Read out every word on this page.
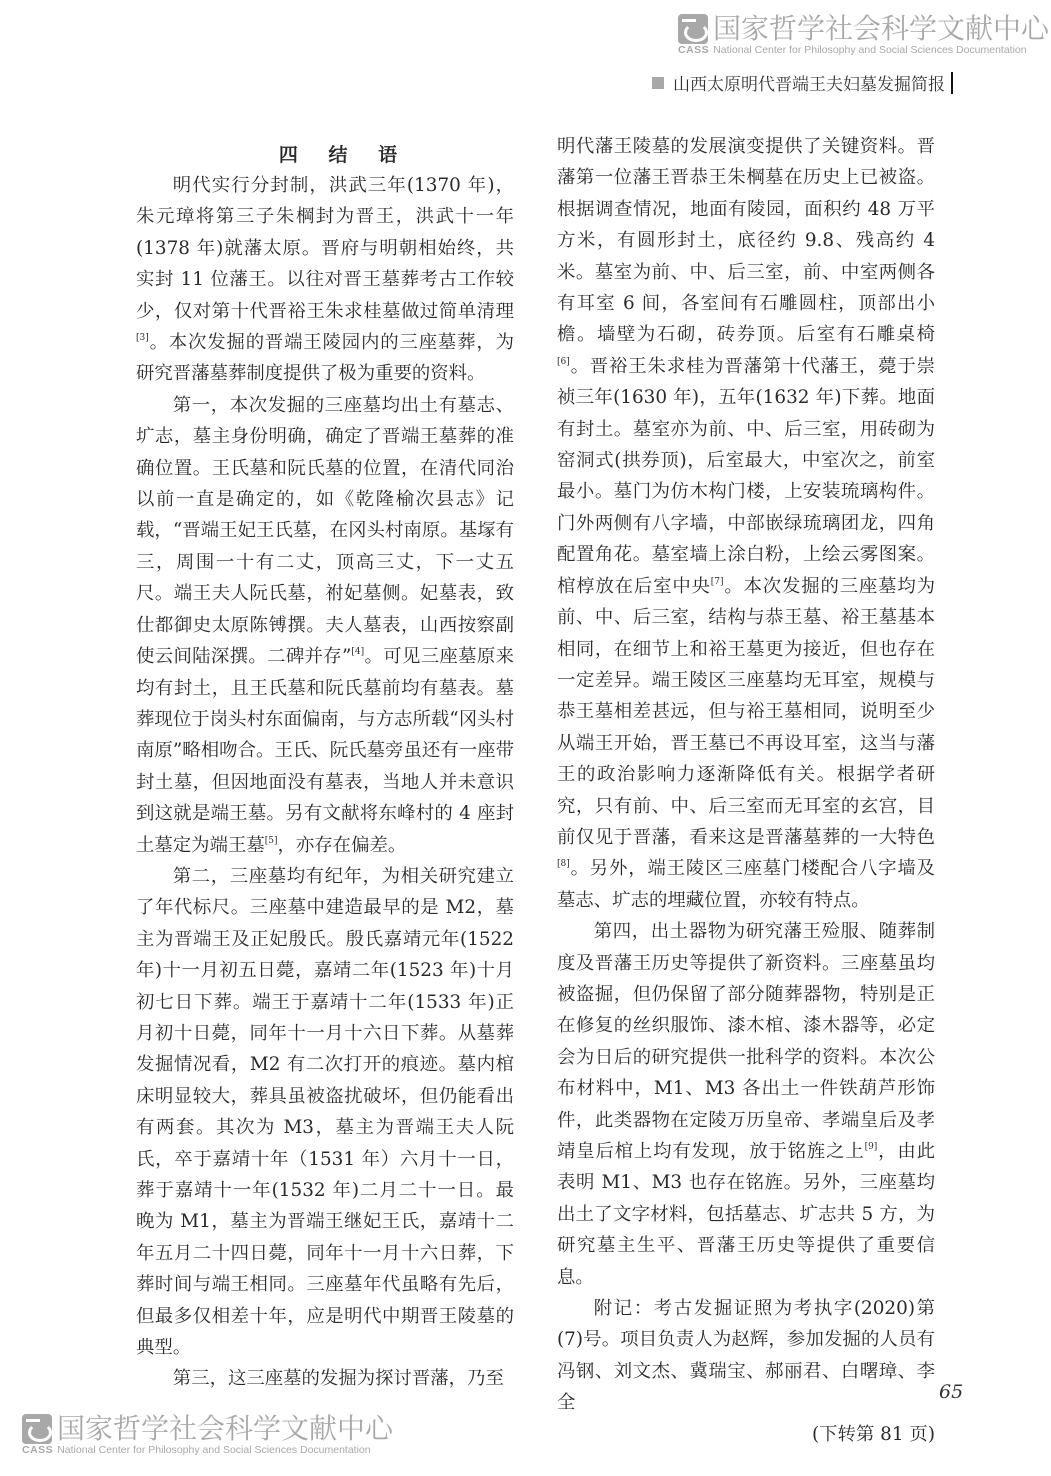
国家哲学社会科学文献中心
CASS National Center for Philosophy and Social Sciences Documentation
山西太原明代晋端王夫妇墓发掘简报

四 结 语

明代实行分封制，洪武三年(1370 年)，朱元璋将第三子朱棡封为晋王，洪武十一年(1378 年)就藩太原。晋府与明朝相始终，共实封 11 位藩王。以往对晋王墓葬考古工作较少，仅对第十代晋裕王朱求桂墓做过简单清理[3]。本次发掘的晋端王陵园内的三座墓葬，为研究晋藩墓葬制度提供了极为重要的资料。

第一，本次发掘的三座墓均出土有墓志、圹志，墓主身份明确，确定了晋端王墓葬的准确位置。王氏墓和阮氏墓的位置，在清代同治以前一直是确定的，如《乾隆榆次县志》记载，“晋端王妃王氏墓，在冈头村南原。基塜有三，周围一十有二丈，顶高三丈，下一丈五尺。端王夫人阮氏墓，祔妃墓侧。妃墓表，致仕都御史太原陈镈撰。夫人墓表，山西按察副使云间陆深撰。二碑并存”[4]。可见三座墓原来均有封土，且王氏墓和阮氏墓前均有墓表。墓葬现位于岗头村东面偏南，与方志所载“冈头村南原”略相吻合。王氏、阮氏墓旁虽还有一座带封土墓，但因地面没有墓表，当地人并未意识到这就是端王墓。另有文献将东峰村的 4 座封土墓定为端王墓[5]，亦存在偏差。

第二，三座墓均有纪年，为相关研究建立了年代标尺。三座墓中建造最早的是 M2，墓主为晋端王及正妃殷氏。殷氏嘉靖元年(1522 年)十一月初五日薨，嘉靖二年(1523 年)十月初七日下葬。端王于嘉靖十二年(1533 年)正月初十日薨，同年十一月十六日下葬。从墓葬发掘情况看，M2 有二次打开的痕迹。墓内棺床明显较大，葬具虽被盗扰破坏，但仍能看出有两套。其次为 M3，墓主为晋端王夫人阮氏，卒于嘉靖十年（1531 年）六月十一日，葬于嘉靖十一年(1532 年)二月二十一日。最晚为 M1，墓主为晋端王继妃王氏，嘉靖十二年五月二十四日薨，同年十一月十六日葬，下葬时间与端王相同。三座墓年代虽略有先后，但最多仅相差十年，应是明代中期晋王陵墓的典型。

第三，这三座墓的发掘为探讨晋藩，乃至

明代藩王陵墓的发展演变提供了关键资料。晋藩第一位藩王晋恭王朱棡墓在历史上已被盗。根据调查情况，地面有陵园，面积约 48 万平方米，有圆形封土，底径约 9.8、残高约 4 米。墓室为前、中、后三室，前、中室两侧各有耳室 6 间，各室间有石雕圆柱，顶部出小檐。墙壁为石砌，砖券顶。后室有石雕桌椅[6]。晋裕王朱求桂为晋藩第十代藩王，薨于崇祯三年(1630 年)，五年(1632 年)下葬。地面有封土。墓室亦为前、中、后三室，用砖砌为窑洞式(拱券顶)，后室最大，中室次之，前室最小。墓门为仿木构门楼，上安装琉璃构件。门外两侧有八字墙，中部嵌绿琉璃团龙，四角配置角花。墓室墙上涂白粉，上绘云雾图案。棺椁放在后室中央[7]。本次发掘的三座墓均为前、中、后三室，结构与恭王墓、裕王墓基本相同，在细节上和裕王墓更为接近，但也存在一定差异。端王陵区三座墓均无耳室，规模与恭王墓相差甚远，但与裕王墓相同，说明至少从端王开始，晋王墓已不再设耳室，这当与藩王的政治影响力逐渐降低有关。根据学者研究，只有前、中、后三室而无耳室的玄宫，目前仅见于晋藩，看来这是晋藩墓葬的一大特色[8]。另外，端王陵区三座墓门楼配合八字墙及墓志、圹志的埋藏位置，亦较有特点。

第四，出土器物为研究藩王殓服、随葬制度及晋藩王历史等提供了新资料。三座墓虽均被盗掘，但仍保留了部分随葬器物，特别是正在修复的丝织服饰、漆木棺、漆木器等，必定会为日后的研究提供一批科学的资料。本次公布材料中，M1、M3 各出土一件铁葫芦形饰件，此类器物在定陵万历皇帝、孝端皇后及孝靖皇后棺上均有发现，放于铭旌之上[9]，由此表明 M1、M3 也存在铭旌。另外，三座墓均出土了文字材料，包括墓志、圹志共 5 方，为研究墓主生平、晋藩王历史等提供了重要信息。

附记：考古发掘证照为考执字(2020)第(7)号。项目负责人为赵辉，参加发掘的人员有冯钢、刘文杰、冀瑞宝、郝丽君、白曙璋、李全

(下转第 81 页)

65
国家哲学社会科学文献中心
CASS National Center for Philosophy and Social Sciences Documentation
